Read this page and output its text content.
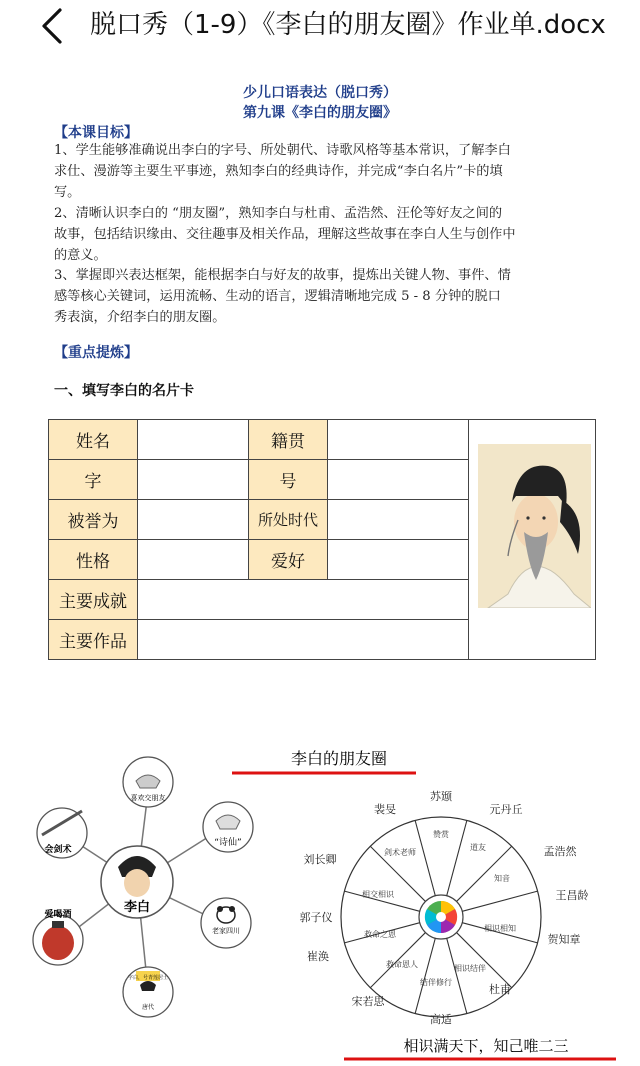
脱口秀（1-9）《李白的朋友圈》作业单.docx
少儿口语表达（脱口秀）
第九课《李白的朋友圈》
【本课目标】
1、学生能够准确说出李白的字号、所处朝代、诗歌风格等基本常识，了解李白
求仕、漫游等主要生平事迹，熟知李白的经典诗作，并完成“李白名片”卡的填
写。
2、清晰认识李白的 “朋友圈”，熟知李白与杜甫、孟浩然、汪伦等好友之间的
故事，包括结识缘由、交往趣事及相关作品，理解这些故事在李白人生与创作中
的意义。
3、掌握即兴表达框架，能根据李白与好友的故事，提炼出关键人物、事件、情
感等核心关键词，运用流畅、生动的语言，逻辑清晰地完成 5 - 8 分钟的脱口
秀表演，介绍李白的朋友圈。
【重点提炼】
一、填写李白的名片卡
姓名		籍贯		
字		号		
被誉为		所处时代		
性格		爱好		
主要成就				
主要作品				
李白
喜欢交朋友
“诗仙”
老家四川
字白，号青莲居士
唐代
爱喝酒
会剑术
李白的朋友圈
苏颋
元丹丘
孟浩然
王昌龄
贺知章
杜甫
高适
宋若思
崔涣
郭子仪
刘长卿
裴旻
赞赏
道友
知音
相识相知
相识结伴
结伴修行
救命恩人
救命之恩
相交相识
剑术老师
相识满天下，知己唯二三
